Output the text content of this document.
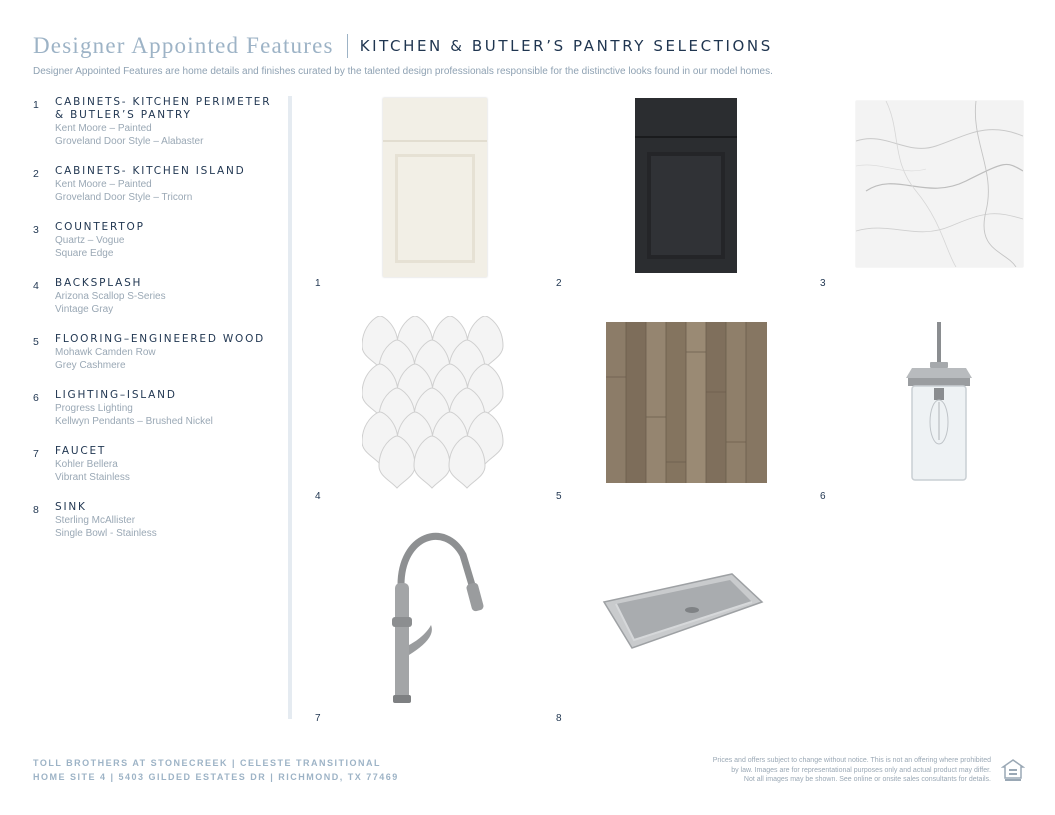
Designer Appointed Features KITCHEN & BUTLER’S PANTRY SELECTIONS
Designer Appointed Features are home details and finishes curated by the talented design professionals responsible for the distinctive looks found in our model homes.
1	CABINETS- KITCHEN PERIMETER & BUTLER’S PANTRY
Kent Moore – Painted
Groveland Door Style – Alabaster
2	CABINETS- KITCHEN ISLAND
Kent Moore – Painted
Groveland Door Style – Tricorn
3	COUNTERTOP
Quartz – Vogue
Square Edge
4	BACKSPLASH
Arizona Scallop S-Series
Vintage Gray
5	FLOORING–ENGINEERED WOOD
Mohawk Camden Row
Grey Cashmere
6	LIGHTING–ISLAND
Progress Lighting
Kellwyn Pendants – Brushed Nickel
7	FAUCET
Kohler Bellera
Vibrant Stainless
8	SINK
Sterling McAllister
Single Bowl - Stainless
1	2	3
4	5	6
7	8
TOLL BROTHERS AT STONECREEK | CELESTE TRANSITIONAL
HOME SITE 4 | 5403 GILDED ESTATES DR | RICHMOND, TX 77469
Prices and offers subject to change without notice. This is not an offering where prohibited
by law. Images are for representational purposes only and actual product may differ.
Not all images may be shown. See online or onsite sales consultants for details.
